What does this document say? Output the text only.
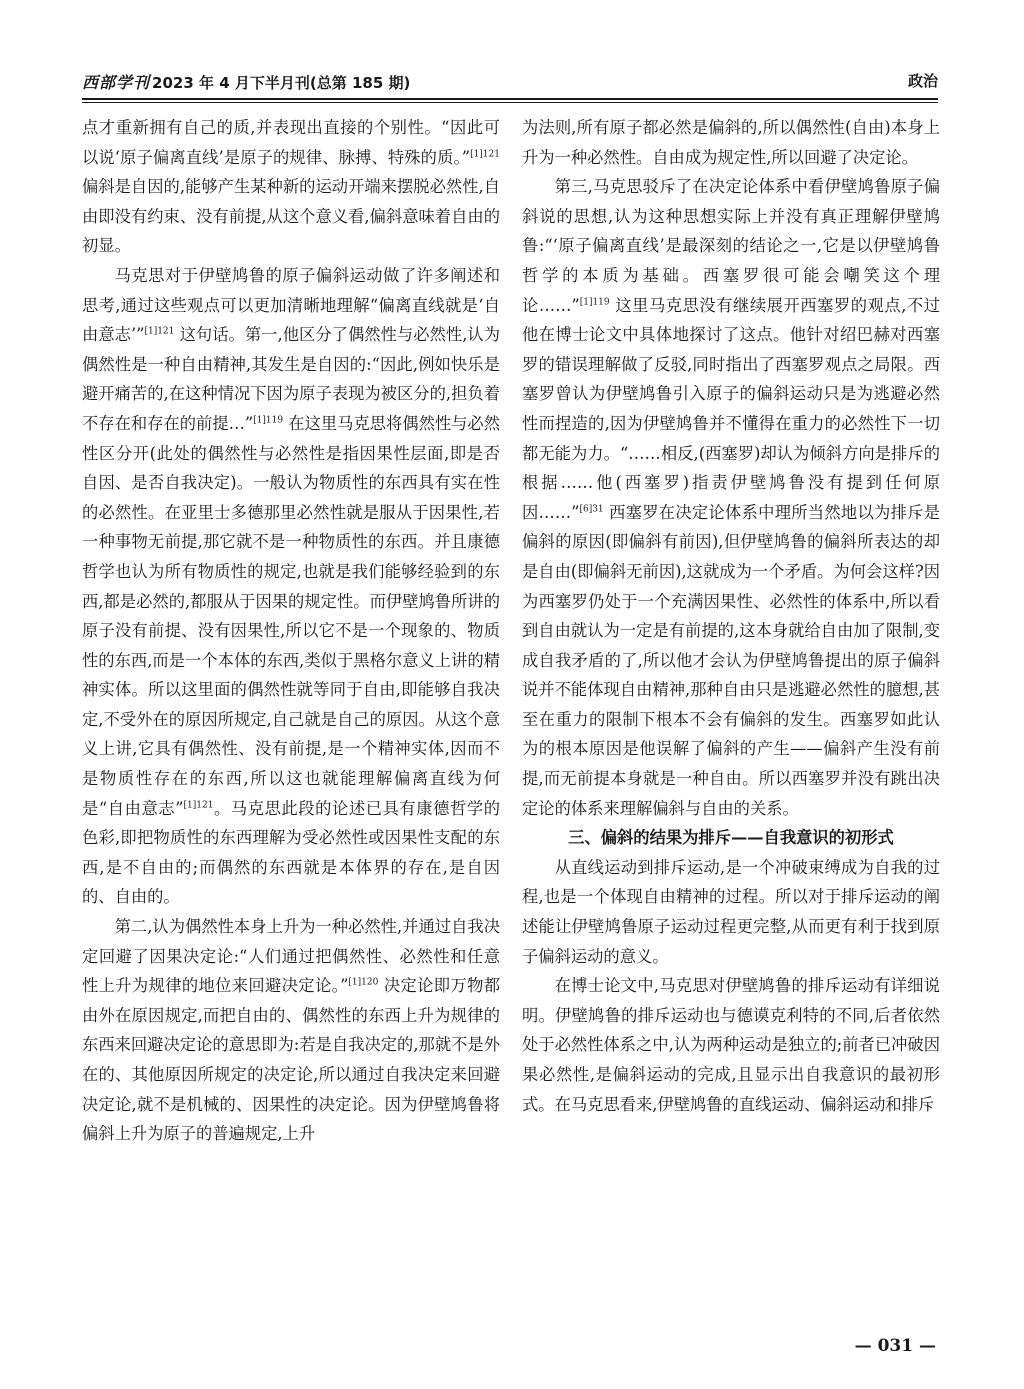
西部学刊 2023 年 4 月下半月刊(总第 185 期)	政治

点才重新拥有自己的质,并表现出直接的个别性。“因此可以说‘原子偏离直线’是原子的规律、脉搏、特殊的质。”$^{[1]121}$ 偏斜是自因的,能够产生某种新的运动开端来摆脱必然性,自由即没有约束、没有前提,从这个意义看,偏斜意味着自由的初显。

马克思对于伊壁鸠鲁的原子偏斜运动做了许多阐述和思考,通过这些观点可以更加清晰地理解“偏离直线就是‘自由意志’”$^{[1]121}$ 这句话。第一,他区分了偶然性与必然性,认为偶然性是一种自由精神,其发生是自因的:“因此,例如快乐是避开痛苦的,在这种情况下因为原子表现为被区分的,担负着不存在和存在的前提…”$^{[1]119}$ 在这里马克思将偶然性与必然性区分开(此处的偶然性与必然性是指因果性层面,即是否自因、是否自我决定)。一般认为物质性的东西具有实在性的必然性。在亚里士多德那里必然性就是服从于因果性,若一种事物无前提,那它就不是一种物质性的东西。并且康德哲学也认为所有物质性的规定,也就是我们能够经验到的东西,都是必然的,都服从于因果的规定性。而伊壁鸠鲁所讲的原子没有前提、没有因果性,所以它不是一个现象的、物质性的东西,而是一个本体的东西,类似于黑格尔意义上讲的精神实体。所以这里面的偶然性就等同于自由,即能够自我决定,不受外在的原因所规定,自己就是自己的原因。从这个意义上讲,它具有偶然性、没有前提,是一个精神实体,因而不是物质性存在的东西,所以这也就能理解偏离直线为何是“自由意志”$^{[1]121}$。马克思此段的论述已具有康德哲学的色彩,即把物质性的东西理解为受必然性或因果性支配的东西,是不自由的;而偶然的东西就是本体界的存在,是自因的、自由的。

第二,认为偶然性本身上升为一种必然性,并通过自我决定回避了因果决定论:“人们通过把偶然性、必然性和任意性上升为规律的地位来回避决定论。”$^{[1]120}$ 决定论即万物都由外在原因规定,而把自由的、偶然性的东西上升为规律的东西来回避决定论的意思即为:若是自我决定的,那就不是外在的、其他原因所规定的决定论,所以通过自我决定来回避决定论,就不是机械的、因果性的决定论。因为伊壁鸠鲁将偏斜上升为原子的普遍规定,上升

为法则,所有原子都必然是偏斜的,所以偶然性(自由)本身上升为一种必然性。自由成为规定性,所以回避了决定论。

第三,马克思驳斥了在决定论体系中看伊壁鸠鲁原子偏斜说的思想,认为这种思想实际上并没有真正理解伊壁鸠鲁:“‘原子偏离直线’是最深刻的结论之一,它是以伊壁鸠鲁哲学的本质为基础。西塞罗很可能会嘲笑这个理论……”$^{[1]119}$ 这里马克思没有继续展开西塞罗的观点,不过他在博士论文中具体地探讨了这点。他针对绍巴赫对西塞罗的错误理解做了反驳,同时指出了西塞罗观点之局限。西塞罗曾认为伊壁鸠鲁引入原子的偏斜运动只是为逃避必然性而捏造的,因为伊壁鸠鲁并不懂得在重力的必然性下一切都无能为力。“……相反,(西塞罗)却认为倾斜方向是排斥的根据……他(西塞罗)指责伊壁鸠鲁没有提到任何原因……”$^{[6]31}$ 西塞罗在决定论体系中理所当然地以为排斥是偏斜的原因(即偏斜有前因),但伊壁鸠鲁的偏斜所表达的却是自由(即偏斜无前因),这就成为一个矛盾。为何会这样?因为西塞罗仍处于一个充满因果性、必然性的体系中,所以看到自由就认为一定是有前提的,这本身就给自由加了限制,变成自我矛盾的了,所以他才会认为伊壁鸠鲁提出的原子偏斜说并不能体现自由精神,那种自由只是逃避必然性的臆想,甚至在重力的限制下根本不会有偏斜的发生。西塞罗如此认为的根本原因是他误解了偏斜的产生——偏斜产生没有前提,而无前提本身就是一种自由。所以西塞罗并没有跳出决定论的体系来理解偏斜与自由的关系。

三、偏斜的结果为排斥——自我意识的初形式

从直线运动到排斥运动,是一个冲破束缚成为自我的过程,也是一个体现自由精神的过程。所以对于排斥运动的阐述能让伊壁鸠鲁原子运动过程更完整,从而更有利于找到原子偏斜运动的意义。

在博士论文中,马克思对伊壁鸠鲁的排斥运动有详细说明。伊壁鸠鲁的排斥运动也与德谟克利特的不同,后者依然处于必然性体系之中,认为两种运动是独立的;前者已冲破因果必然性,是偏斜运动的完成,且显示出自我意识的最初形式。在马克思看来,伊壁鸠鲁的直线运动、偏斜运动和排斥

— 031 —
